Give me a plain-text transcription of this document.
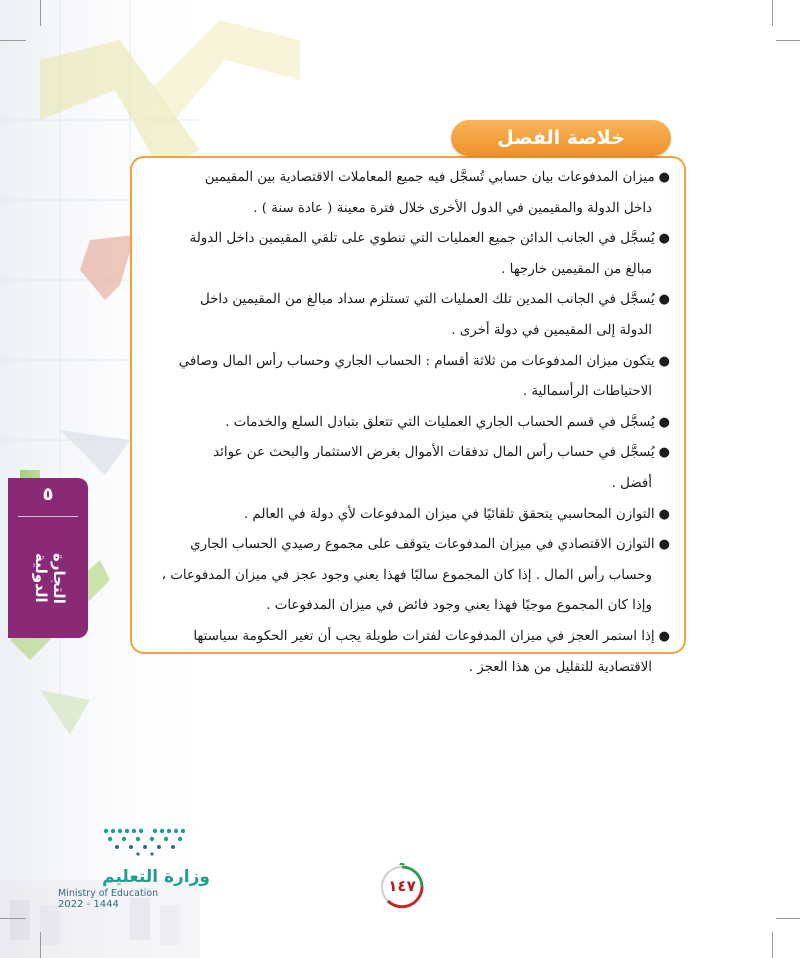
٥
التجارة الدولية
خلاصة الفصل

●ميزان المدفوعات بيان حسابي تُسجَّل فيه جميع المعاملات الاقتصادية بين المقيمين

داخل الدولة والمقيمين في الدول الأخرى خلال فترة معينة ( عادة سنة ) .

●يُسجَّل في الجانب الدائن جميع العمليات التي تنطوي على تلقي المقيمين داخل الدولة

مبالغ من المقيمين خارجها .

●يُسجَّل في الجانب المدين تلك العمليات التي تستلزم سداد مبالغ من المقيمين داخل

الدولة إلى المقيمين في دولة أخرى .

●يتكون ميزان المدفوعات من ثلاثة أقسام : الحساب الجاري وحساب رأس المال وصافي

الاحتياطات الرأسمالية .

●يُسجَّل في قسم الحساب الجاري العمليات التي تتعلق بتبادل السلع والخدمات .

●يُسجَّل في حساب رأس المال تدفقات الأموال بغرض الاستثمار والبحث عن عوائد

أفضل .

●التوازن المحاسبي يتحقق تلقائيًا في ميزان المدفوعات لأي دولة في العالم .

●التوازن الاقتصادي في ميزان المدفوعات يتوقف على مجموع رصيدي الحساب الجاري

وحساب رأس المال . إذا كان المجموع سالبًا فهذا يعني وجود عجز في ميزان المدفوعات ،

وإذا كان المجموع موجبًا فهذا يعني وجود فائض في ميزان المدفوعات .

●إذا استمر العجز في ميزان المدفوعات لفترات طويلة يجب أن تغير الحكومة سياستها

الاقتصادية للتقليل من هذا العجز .

وزارة التعليم
Ministry of Education
2022 - 1444
١٤٧
